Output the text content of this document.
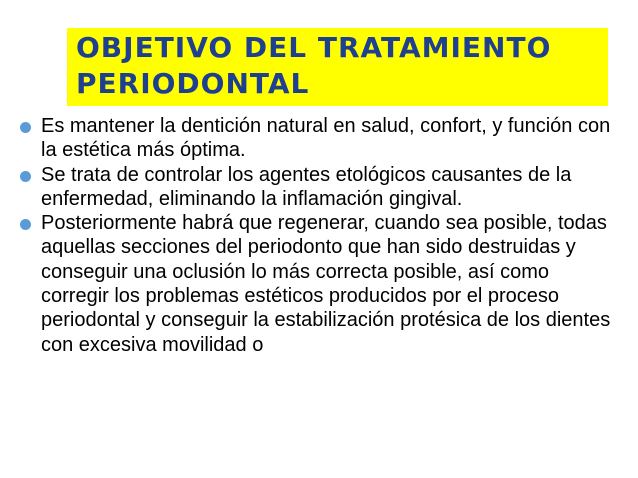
OBJETIVO DEL TRATAMIENTO
PERIODONTAL
Es mantener la dentición natural en salud, confort, y función con la estética más óptima.
Se trata de controlar los agentes etológicos causantes de la enfermedad, eliminando la inflamación gingival.
Posteriormente habrá que regenerar, cuando sea posible, todas aquellas secciones del periodonto que han sido destruidas y conseguir una oclusión lo más correcta posible, así como corregir los problemas estéticos producidos por el proceso periodontal y conseguir la estabilización protésica de los dientes con excesiva movilidad o
